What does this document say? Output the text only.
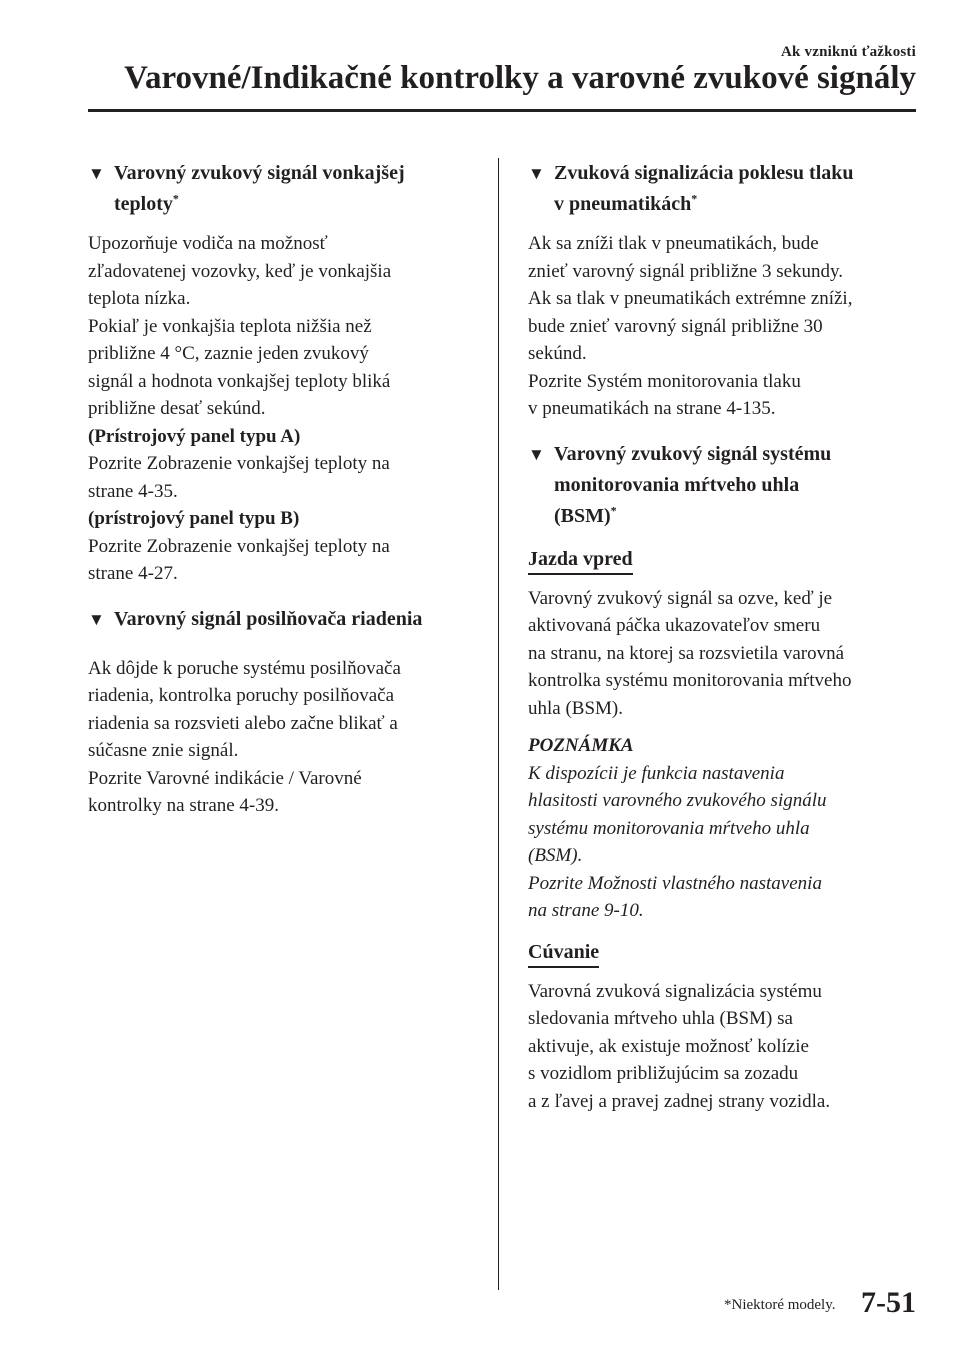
Ak vzniknú ťažkosti
Varovné/Indikačné kontrolky a varovné zvukové signály
▼ Varovný zvukový signál vonkajšej
teploty*
Upozorňuje vodiča na možnosť
zľadovatenej vozovky, keď je vonkajšia
teplota nízka.
Pokiaľ je vonkajšia teplota nižšia než
približne 4 °C, zaznie jeden zvukový
signál a hodnota vonkajšej teploty bliká
približne desať sekúnd.
(Prístrojový panel typu A)
Pozrite Zobrazenie vonkajšej teploty na
strane 4-35.
(prístrojový panel typu B)
Pozrite Zobrazenie vonkajšej teploty na
strane 4-27.
▼ Varovný signál posilňovača riadenia
Ak dôjde k poruche systému posilňovača
riadenia, kontrolka poruchy posilňovača
riadenia sa rozsvieti alebo začne blikať a
súčasne znie signál.
Pozrite Varovné indikácie / Varovné
kontrolky na strane 4-39.
▼ Zvuková signalizácia poklesu tlaku
v pneumatikách*
Ak sa zníži tlak v pneumatikách, bude
znieť varovný signál približne 3 sekundy.
Ak sa tlak v pneumatikách extrémne zníži,
bude znieť varovný signál približne 30
sekúnd.
Pozrite Systém monitorovania tlaku
v pneumatikách na strane 4-135.
▼ Varovný zvukový signál systému
monitorovania mŕtveho uhla
(BSM)*
Jazda vpred
Varovný zvukový signál sa ozve, keď je
aktivovaná páčka ukazovateľov smeru
na stranu, na ktorej sa rozsvietila varovná
kontrolka systému monitorovania mŕtveho
uhla (BSM).
POZNÁMKA
K dispozícii je funkcia nastavenia
hlasitosti varovného zvukového signálu
systému monitorovania mŕtveho uhla
(BSM).
Pozrite Možnosti vlastného nastavenia
na strane 9-10.
Cúvanie
Varovná zvuková signalizácia systému
sledovania mŕtveho uhla (BSM) sa
aktivuje, ak existuje možnosť kolízie
s vozidlom približujúcim sa zozadu
a z ľavej a pravej zadnej strany vozidla.
*Niektoré modely. 7-51
